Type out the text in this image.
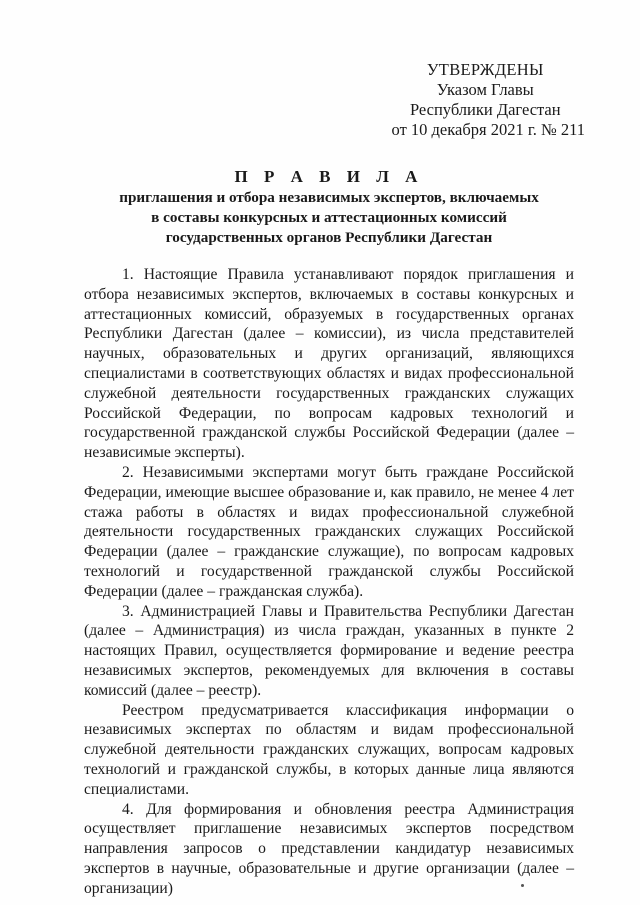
УТВЕРЖДЕНЫ
Указом Главы
Республики Дагестан
от 10 декабря 2021 г. № 211
П Р А В И Л А
приглашения и отбора независимых экспертов, включаемых
в составы конкурсных и аттестационных комиссий
государственных органов Республики Дагестан

1. Настоящие Правила устанавливают порядок приглашения и отбора независимых экспертов, включаемых в составы конкурсных и аттестационных комиссий, образуемых в государственных органах Республики Дагестан (далее – комиссии), из числа представителей научных, образовательных и других организаций, являющихся специалистами в соответствующих областях и видах профессиональной служебной деятельности государственных гражданских служащих Российской Федерации, по вопросам кадровых технологий и государственной гражданской службы Российской Федерации (далее – независимые эксперты).

2. Независимыми экспертами могут быть граждане Российской Федерации, имеющие высшее образование и, как правило, не менее 4 лет стажа работы в областях и видах профессиональной служебной деятельности государственных гражданских служащих Российской Федерации (далее – гражданские служащие), по вопросам кадровых технологий и государственной гражданской службы Российской Федерации (далее – гражданская служба).

3. Администрацией Главы и Правительства Республики Дагестан (далее – Администрация) из числа граждан, указанных в пункте 2 настоящих Правил, осуществляется формирование и ведение реестра независимых экспертов, рекомендуемых для включения в составы комиссий (далее – реестр).

Реестром предусматривается классификация информации о независимых экспертах по областям и видам профессиональной служебной деятельности гражданских служащих, вопросам кадровых технологий и гражданской службы, в которых данные лица являются специалистами.

4. Для формирования и обновления реестра Администрация осуществляет приглашение независимых экспертов посредством направления запросов о представлении кандидатур независимых экспертов в научные, образовательные и другие организации (далее – организации)
